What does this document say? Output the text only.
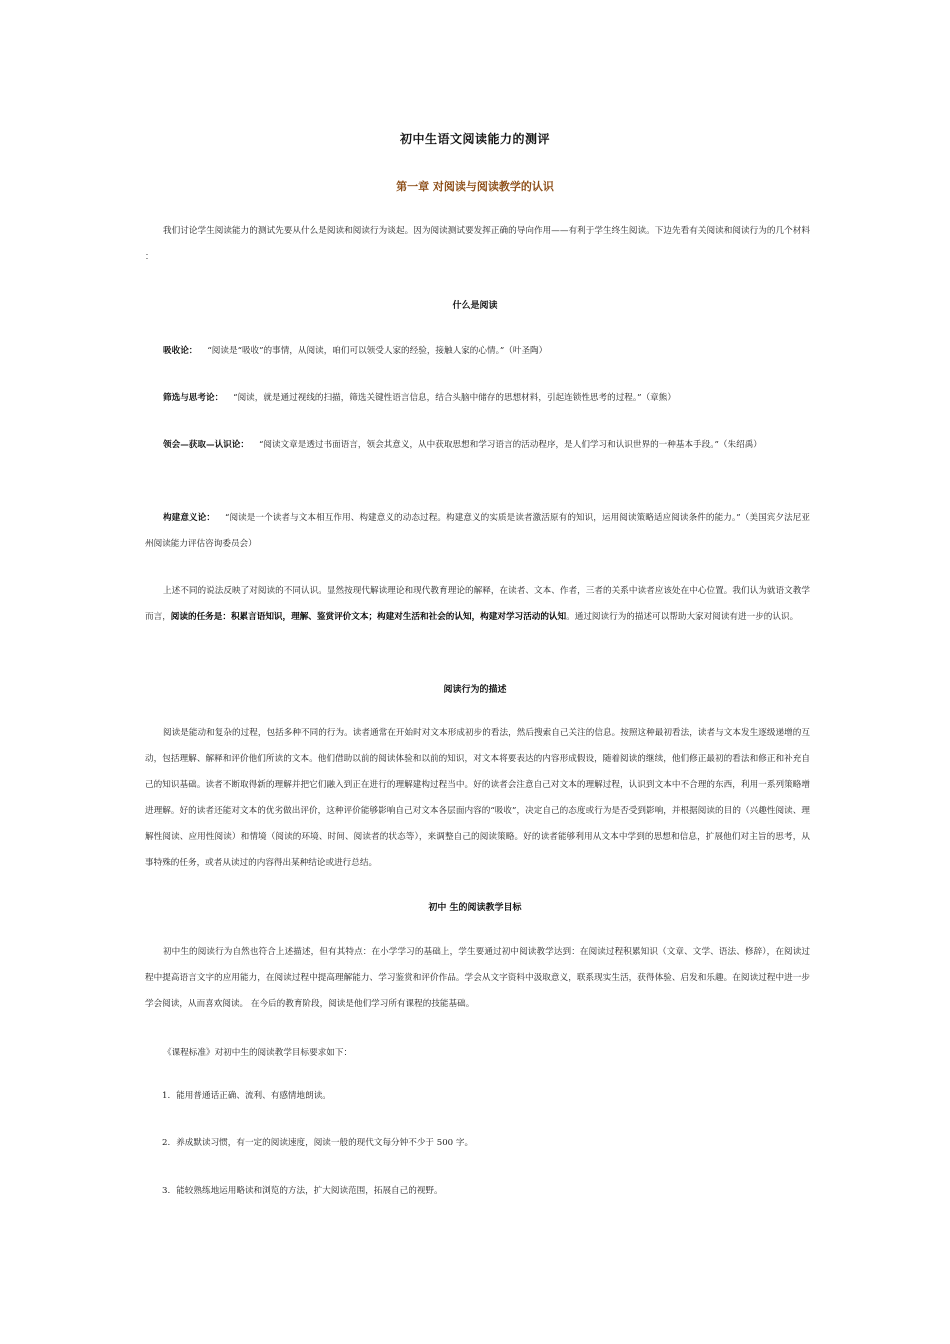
初中生语文阅读能力的测评
第一章 对阅读与阅读教学的认识

我们讨论学生阅读能力的测试先要从什么是阅读和阅读行为谈起。因为阅读测试要发挥正确的导向作用——有利于学生终生阅读。下边先看有关阅读和阅读行为的几个材料 ：

什么是阅读

吸收论： “阅读是“吸收”的事情，从阅读，咱们可以领受人家的经验，接触人家的心情。”（叶圣陶）

筛选与思考论： “阅读，就是通过视线的扫描，筛选关键性语言信息，结合头脑中储存的思想材料，引起连锁性思考的过程。”（章熊）

领会—获取—认识论： “阅读文章是透过书面语言，领会其意义，从中获取思想和学习语言的活动程序，是人们学习和认识世界的一种基本手段。”（朱绍禹）

构建意义论： “阅读是一个读者与文本相互作用、构建意义的动态过程。构建意义的实质是读者激活原有的知识，运用阅读策略适应阅读条件的能力。”（美国宾夕法尼亚州阅读能力评估咨询委员会）

上述不同的说法反映了对阅读的不同认识。显然按现代解读理论和现代教育理论的解释，在读者、文本、作者，三者的关系中读者应该处在中心位置。我们认为就语文教学而言，阅读的任务是：积累言语知识，理解、鉴赏评价文本；构建对生活和社会的认知，构建对学习活动的认知。通过阅读行为的描述可以帮助大家对阅读有进一步的认识。

阅读行为的描述

阅读是能动和复杂的过程，包括多种不同的行为。读者通常在开始时对文本形成初步的看法，然后搜索自己关注的信息。按照这种最初看法，读者与文本发生逐级递增的互动，包括理解、解释和评价他们所读的文本。他们借助以前的阅读体验和以前的知识，对文本将要表达的内容形成假设，随着阅读的继续，他们修正最初的看法和修正和补充自己的知识基础。读者不断取得新的理解并把它们融入到正在进行的理解建构过程当中。好的读者会注意自己对文本的理解过程，认识到文本中不合理的东西，利用一系列策略增进理解。好的读者还能对文本的优劣做出评价，这种评价能够影响自己对文本各层面内容的“吸收”，决定自己的态度或行为是否受到影响，并根据阅读的目的（兴趣性阅读、理解性阅读、应用性阅读）和情境（阅读的环境、时间、阅读者的状态等），来调整自己的阅读策略。好的读者能够利用从文本中学到的思想和信息，扩展他们对主旨的思考，从事特殊的任务，或者从读过的内容得出某种结论或进行总结。

初中 生的阅读教学目标

初中生的阅读行为自然也符合上述描述，但有其特点：在小学学习的基础上，学生要通过初中阅读教学达到：在阅读过程积累知识（文章、文学、语法、修辞），在阅读过程中提高语言文字的应用能力，在阅读过程中提高理解能力、学习鉴赏和评价作品。学会从文字资料中汲取意义，联系现实生活，获得体验、启发和乐趣。在阅读过程中进一步学会阅读，从而喜欢阅读。 在今后的教育阶段，阅读是他们学习所有课程的技能基础。

《课程标准》对初中生的阅读教学目标要求如下：

1. 能用普通话正确、流利、有感情地朗读。
2. 养成默读习惯，有一定的阅读速度，阅读一般的现代文每分钟不少于 500 字。
3. 能较熟练地运用略读和浏览的方法，扩大阅读范围，拓展自己的视野。
